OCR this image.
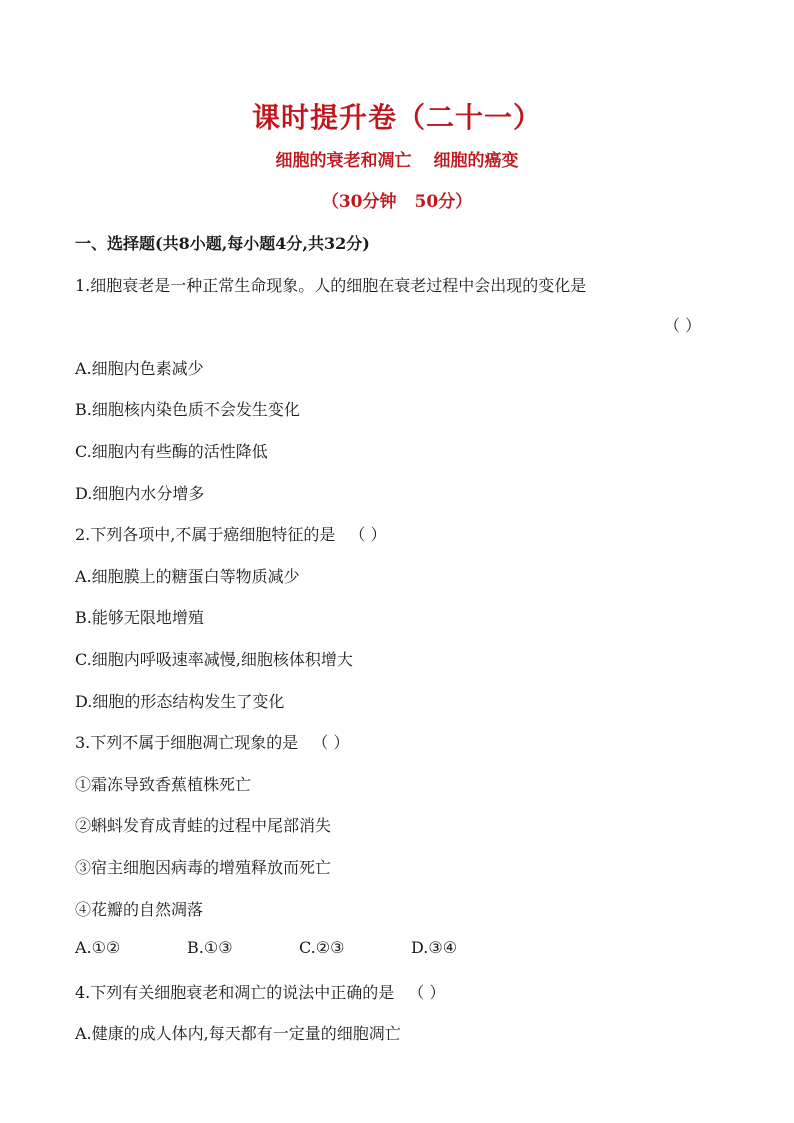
课时提升卷（二十一）
细胞的衰老和凋亡 细胞的癌变
（30分钟 50分）
一、选择题(共8小题,每小题4分,共32分)
1.细胞衰老是一种正常生命现象。人的细胞在衰老过程中会出现的变化是
（ ）
A.细胞内色素减少
B.细胞核内染色质不会发生变化
C.细胞内有些酶的活性降低
D.细胞内水分增多
2.下列各项中,不属于癌细胞特征的是 （ ）
A.细胞膜上的糖蛋白等物质减少
B.能够无限地增殖
C.细胞内呼吸速率减慢,细胞核体积增大
D.细胞的形态结构发生了变化
3.下列不属于细胞凋亡现象的是 （ ）
①霜冻导致香蕉植株死亡
②蝌蚪发育成青蛙的过程中尾部消失
③宿主细胞因病毒的增殖释放而死亡
④花瓣的自然凋落
A.①②	B.①③	C.②③	D.③④
4.下列有关细胞衰老和凋亡的说法中正确的是 （ ）
A.健康的成人体内,每天都有一定量的细胞凋亡
